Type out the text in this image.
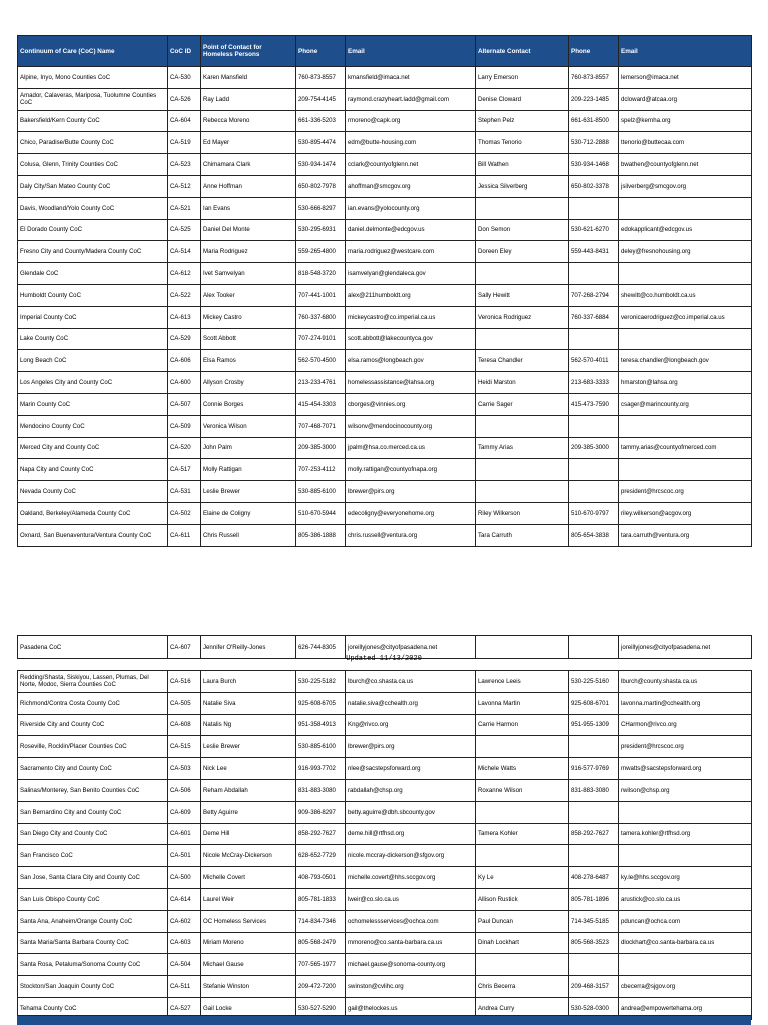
Continuum of Care (CoC) Name	CoC ID	Point of Contact for Homeless Persons	Phone	Email	Alternate Contact	Phone	Email
Alpine, Inyo, Mono Counties CoC	CA-530	Karen Mansfield	760-873-8557	kmansfield@imaca.net	Larry Emerson	760-873-8557	lemerson@imaca.net
Amador, Calaveras, Mariposa, Tuolumne Counties CoC	CA-526	Ray Ladd	209-754-4145	raymond.crazyheart.ladd@gmail.com	Denise Cloward	209-223-1485	dcloward@atcaa.org
Bakersfield/Kern County CoC	CA-604	Rebecca Moreno	661-336-5203	rmoreno@capk.org	Stephen Pelz	661-631-8500	spelz@kernha.org
Chico, Paradise/Butte County CoC	CA-519	Ed Mayer	530-895-4474	edm@butte-housing.com	Thomas Tenorio	530-712-2888	ttenorio@buttecaa.com
Colusa, Glenn, Trinity Counties CoC	CA-523	Chimamara Clark	530-934-1474	cclark@countyofglenn.net	Bill Wathen	530-934-1468	bwathen@countyofglenn.net
Daly City/San Mateo County CoC	CA-512	Anne Hoffman	650-802-7978	ahoffman@smcgov.org	Jessica Silverberg	650-802-3378	jsilverberg@smcgov.org
Davis, Woodland/Yolo County CoC	CA-521	Ian Evans	530-666-8297	ian.evans@yolocounty.org			
El Dorado County CoC	CA-525	Daniel Del Monte	530-295-6931	daniel.delmonte@edcgov.us	Don Semon	530-621-6270	edokapplicant@edcgov.us
Fresno City and County/Madera County CoC	CA-514	Maria Rodriguez	559-265-4800	maria.rodriguez@westcare.com	Doreen Eley	559-443-8431	deley@fresnohousing.org
Glendale CoC	CA-612	Ivet Samvelyan	818-548-3720	isamvelyan@glendaleca.gov			
Humboldt County CoC	CA-522	Alex Tooker	707-441-1001	alex@211humboldt.org	Sally Hewitt	707-268-2794	shewitt@co.humboldt.ca.us
Imperial County CoC	CA-613	Mickey Castro	760-337-6800	mickeycastro@co.imperial.ca.us	Veronica Rodriguez	760-337-6884	veronicaerodriguez@co.imperial.ca.us
Lake County CoC	CA-529	Scott Abbott	707-274-9101	scott.abbott@lakecountyca.gov			
Long Beach CoC	CA-606	Elsa Ramos	562-570-4500	elsa.ramos@longbeach.gov	Teresa Chandler	562-570-4011	teresa.chandler@longbeach.gov
Los Angeles City and County CoC	CA-600	Allyson Crosby	213-233-4761	homelessassistance@lahsa.org	Heidi Marston	213-683-3333	hmarston@lahsa.org
Marin County CoC	CA-507	Connie Borges	415-454-3303	cborges@vinnies.org	Carrie Sager	415-473-7590	csager@marincounty.org
Mendocino County CoC	CA-509	Veronica Wilson	707-468-7071	wilsonv@mendocinocounty.org			
Merced City and County CoC	CA-520	John Palm	209-385-3000	jpalm@hsa.co.merced.ca.us	Tammy Arias	209-385-3000	tammy.arias@countyofmerced.com
Napa City and County CoC	CA-517	Molly Rattigan	707-253-4112	molly.rattigan@countyofnapa.org			
Nevada County CoC	CA-531	Leslie Brewer	530-885-6100	lbrewer@pirs.org			president@hrcscoc.org
Oakland, Berkeley/Alameda County CoC	CA-502	Elaine de Coligny	510-670-5944	edecoligny@everyonehome.org	Riley Wilkerson	510-670-9797	riley.wilkerson@acgov.org
Oxnard, San Buenaventura/Ventura County CoC	CA-611	Chris Russell	805-386-1888	chris.russell@ventura.org	Tara Carruth	805-654-3838	tara.carruth@ventura.org
Pasadena CoC	CA-607	Jennifer O'Reilly-Jones	626-744-8305	joreillyjones@cityofpasadena.net			joreillyjones@cityofpasadena.net

Redding/Shasta, Siskiyou, Lassen, Plumas, Del Norte, Modoc, Sierra Counties CoC	CA-516	Laura Burch	530-225-5182	lburch@co.shasta.ca.us	Lawrence Leeis	530-225-5160	lburch@county.shasta.ca.us
Richmond/Contra Costa County CoC	CA-505	Natalie Siva	925-608-6705	natalie.siva@cchealth.org	Lavonna Martin	925-608-6701	lavonna.martin@cchealth.org
Riverside City and County CoC	CA-608	Natalis Ng	951-358-4913	Kng@rivco.org	Carrie Harmon	951-955-1309	CHarmon@rivco.org
Roseville, Rocklin/Placer Counties CoC	CA-515	Leslie Brewer	530-885-6100	lbrewer@pirs.org			president@hrcscoc.org
Sacramento City and County CoC	CA-503	Nick Lee	916-993-7702	nlee@sacstepsforward.org	Michele Watts	916-577-9769	mwatts@sacstepsforward.org
Salinas/Monterey, San Benito Counties CoC	CA-506	Reham Abdallah	831-883-3080	rabdallah@chsp.org	Roxanne Wilson	831-883-3080	rwilson@chsp.org
San Bernardino City and County CoC	CA-609	Betty Aguirre	909-386-8297	betty.aguirre@dbh.sbcounty.gov			
San Diego City and County CoC	CA-601	Deme Hill	858-292-7627	deme.hill@rtfhsd.org	Tamera Kohler	858-292-7627	tamera.kohler@rtfhsd.org
San Francisco CoC	CA-501	Nicole McCray-Dickerson	628-652-7729	nicole.mccray-dickerson@sfgov.org			
San Jose, Santa Clara City and County CoC	CA-500	Michelle Covert	408-793-0501	michelle.covert@hhs.sccgov.org	Ky Le	408-278-6487	ky.le@hhs.sccgov.org
San Luis Obispo County CoC	CA-614	Laurel Weir	805-781-1833	lweir@co.slo.ca.us	Allison Rustick	805-781-1896	arustick@co.slo.ca.us
Santa Ana, Anaheim/Orange County CoC	CA-602	OC Homeless Services	714-834-7346	ochomelessservices@ochca.com	Paul Duncan	714-345-5185	pduncan@ochca.com
Santa Maria/Santa Barbara County CoC	CA-603	Miriam Moreno	805-568-2479	mmoreno@co.santa-barbara.ca.us	Dinah Lockhart	805-568-3523	dlockhart@co.santa-barbara.ca.us
Santa Rosa, Petaluma/Sonoma County CoC	CA-504	Michael Gause	707-565-1977	michael.gause@sonoma-county.org			
Stockton/San Joaquin County CoC	CA-511	Stefanie Winston	209-472-7200	swinston@cvlihc.org	Chris Becerra	209-468-3157	cbecerra@sjgov.org
Tehama County CoC	CA-527	Gail Locke	530-527-5290	gail@thelockes.us	Andrea Curry	530-528-0300	andrea@empowertehama.org
Updated 11/13/2020
